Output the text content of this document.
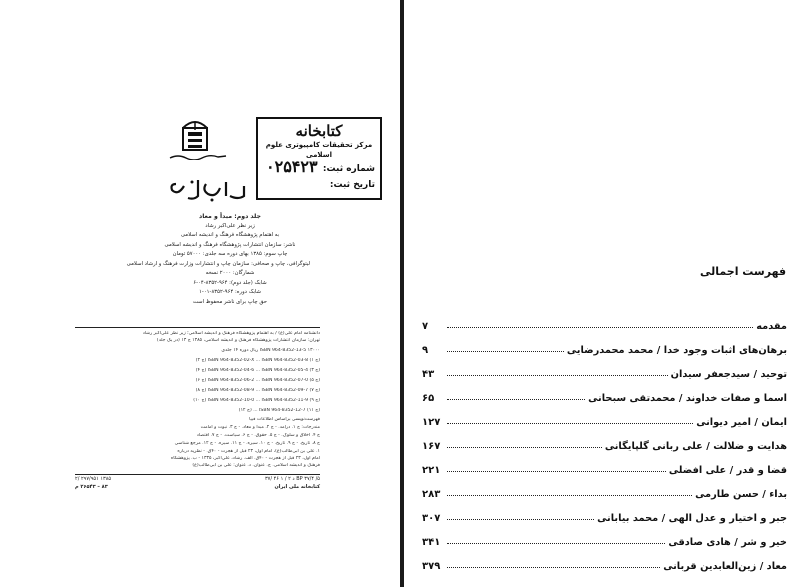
کتابخانه
مرکز تحقیقات کامپیوتری علوم اسلامی
شماره ثبت:
تاریخ ثبت:
۰۲۵۴۲۳
جلد دوم: مبدأ و معاد
زیر نظر علی‌اکبر رشاد
به اهتمام پژوهشگاه فرهنگ و اندیشه اسلامی
ناشر: سازمان انتشارات پژوهشگاه فرهنگ و اندیشه اسلامی
چاپ سوم: ۱۳۸۵ بهای دوره سه جلدی: ۵۷۰۰۰ تومان
لیتوگرافی، چاپ و صحافی: سازمان چاپ و انتشارات وزارت فرهنگ و ارشاد اسلامی
شمارگان: ۲۰۰۰ نسخه
شابک (جلد دوم): ۹۶۴-۸۳۵۲-۰۴-۶
شابک دوره: ۹۶۴-۸۳۵۲-۰۱-۱
حق چاپ برای ناشر محفوظ است
دانشنامه امام علی(ع) / به اهتمام پژوهشگاه فرهنگ و اندیشه اسلامی؛ زیر نظر علی‌اکبر رشاد
تهران: سازمان انتشارات پژوهشگاه فرهنگ و اندیشه اسلامی، ۱۳۸۵ ج ۱۳ (در یک جلد)
ISBN 964-8352-13-5 ۱۳۰۰۰ ریال دوره ۱۴ جلدی
(ج ۱) ISBN 964-8352-02-X ... ISBN 964-8352-03-8 (ج ۲)
(ج ۳) ISBN 964-8352-04-6 ... ISBN 964-8352-05-4 (ج ۴)
(ج ۵) ISBN 964-8352-06-2 ... ISBN 964-8352-07-0 (ج ۶)
(ج ۷) ISBN 964-8352-08-9 ... ISBN 964-8352-09-7 (ج ۸)
(ج ۹) ISBN 964-8352-10-0 ... ISBN 964-8352-11-9 (ج ۱۰)
(ج ۱۱) ISBN 964-8352-12-7 ... (ج ۱۲)
فهرست‌نویسی براساس اطلاعات فیپا
مندرجات: ج ۱. درآمد. - ج ۲. مبدأ و معاد. - ج ۳. نبوت و امامت
ج ۴. اخلاق و سلوک. - ج ۵. حقوق. - ج ۶. سیاست. - ج ۷. اقتصاد
ج ۸. تاریخ. - ج ۹. تاریخ. - ج ۱۰. سیره. - ج ۱۱. سیره. - ج ۱۲. مرجع شناسی
۱. علی بن ابی‌طالب(ع)، امام اول، ۲۳ قبل از هجرت - ۴۰ق. - نظریه درباره
امام اول، ۲۳ قبل از هجرت - ۴۰ق. الف. رشاد، علی‌اکبر، ۱۳۳۵ - ب. پژوهشگاه
فرهنگ و اندیشه اسلامی. ج. عنوان. د. عنوان: علی بن ابی‌طالب(ع)
BP ۳۷/۴ /۵ د ۲ / ۱ ۴۶ /۳۷
۱۳۸۵ ۲۹۷/۹۵۱ /۲
کتابخانه ملی ایران
۸۳ – ۲۶۵۴۳ م
فهرست اجمالی
مقدمه
۷
برهان‌های اثبات وجود خدا / محمد محمدرضایی
۹
توحید / سیدجعفر سیدان
۴۳
اسما و صفات خداوند / محمدتقی سبحانی
۶۵
ایمان / امیر دیوانی
۱۲۷
هدایت و ضلالت / علی ربانی گلپایگانی
۱۶۷
قضا و قدر / علی افضلی
۲۲۱
بداء / حسن طارمی
۲۸۳
جبر و اختیار و عدل الهی / محمد بیابانی
۳۰۷
خیر و شر / هادی صادقی
۳۴۱
معاد / زین‌العابدین قربانی
۳۷۹
